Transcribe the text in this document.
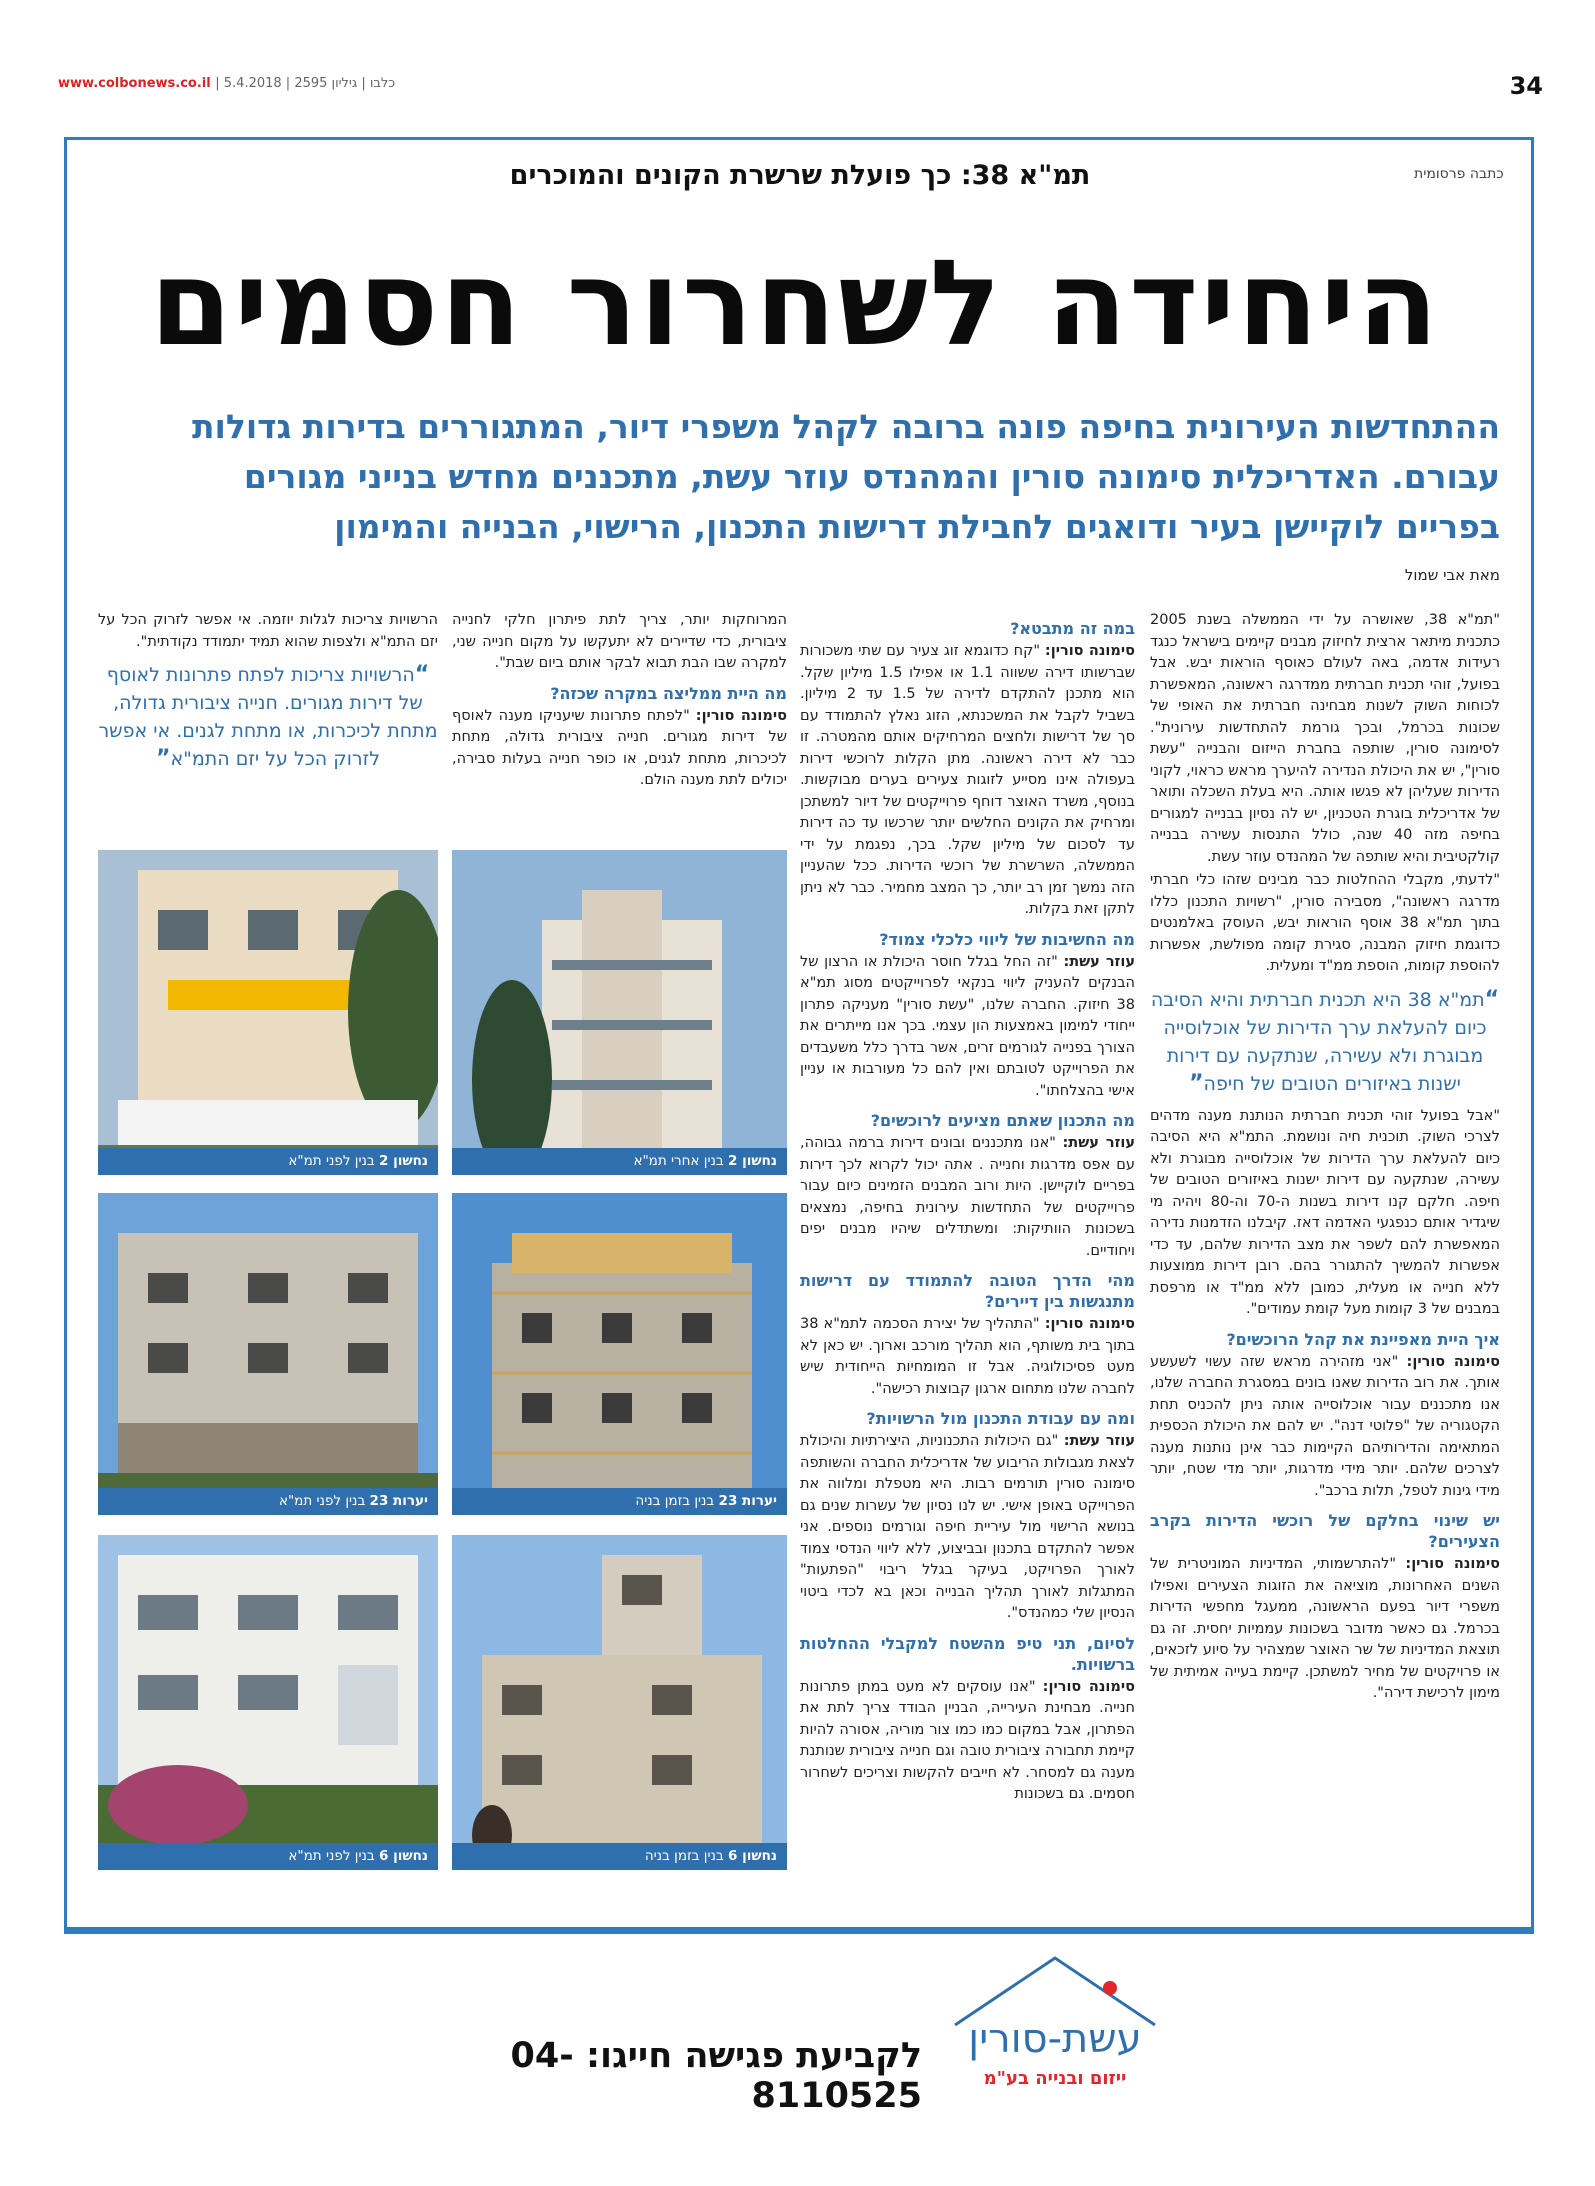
www.colbonews.co.il | כלבו | גיליון 2595 | 5.4.2018	34
כתבה פרסומית
תמ"א 38: כך פועלת שרשרת הקונים והמוכרים
היחידה לשחרור חסמים
ההתחדשות העירונית בחיפה פונה ברובה לקהל משפרי דיור, המתגוררים בדירות גדולות עבורם. האדריכלית סימונה סורין והמהנדס עוזר עשת, מתכננים מחדש בנייני מגורים בפריים לוקיישן בעיר ודואגים לחבילת דרישות התכנון, הרישוי, הבנייה והמימון
מאת אבי שמול

"תמ"א 38, שאושרה על ידי הממשלה בשנת 2005 כתכנית מיתאר ארצית לחיזוק מבנים קיימים בישראל כנגד רעידות אדמה, באה לעולם כאוסף הוראות יבש. אבל בפועל, זוהי תכנית חברתית ממדרגה ראשונה, המאפשרת לכוחות השוק לשנות מבחינה חברתית את האופי של שכונות בכרמל, ובכך גורמת להתחדשות עירונית". לסימונה סורין, שותפה בחברת הייזום והבנייה "עשת סורין", יש את היכולת הנדירה להיערך מראש כראוי, לקוני הדירות שעליהן לא פגשו אותה. היא בעלת השכלה ותואר של אדריכלית בוגרת הטכניון, יש לה נסיון בבנייה למגורים בחיפה מזה 40 שנה, כולל התנסות עשירה בבנייה קולקטיבית והיא שותפה של המהנדס עוזר עשת.

"לדעתי, מקבלי ההחלטות כבר מבינים שזהו כלי חברתי מדרגה ראשונה", מסבירה סורין, "רשויות התכנון כללו בתוך תמ"א 38 אוסף הוראות יבש, העוסק באלמנטים כדוגמת חיזוק המבנה, סגירת קומה מפולשת, אפשרות להוספת קומות, הוספת ממ"ד ומעלית.

“תמ"א 38 היא תכנית חברתית והיא הסיבה כיום להעלאת ערך הדירות של אוכלוסייה מבוגרת ולא עשירה, שנתקעה עם דירות ישנות באיזורים הטובים של חיפה”

"אבל בפועל זוהי תכנית חברתית הנותנת מענה מדהים לצרכי השוק. תוכנית חיה ונושמת. התמ"א היא הסיבה כיום להעלאת ערך הדירות של אוכלוסייה מבוגרת ולא עשירה, שנתקעה עם דירות ישנות באיזורים הטובים של חיפה. חלקם קנו דירות בשנות ה-70 וה-80 ויהיה מי שיגדיר אותם כנפגעי האדמה דאז. קיבלנו הזדמנות נדירה המאפשרת להם לשפר את מצב הדירות שלהם, עד כדי אפשרות להמשיך להתגורר בהם. רובן דירות ממוצעות ללא חנייה או מעלית, כמובן ללא ממ"ד או מרפסת במבנים של 3 קומות מעל קומת עמודים".

איך היית מאפיינת את קהל הרוכשים?

סימונה סורין: "אני מזהירה מראש שזה עשוי לשעשע אותך. את רוב הדירות שאנו בונים במסגרת החברה שלנו, אנו מתכננים עבור אוכלוסייה אותה ניתן להכניס תחת הקטגוריה של "פלוטי דנה". יש להם את היכולת הכספית המתאימה והדירותיהם הקיימות כבר אינן נותנות מענה לצרכים שלהם. יותר מידי מדרגות, יותר מדי שטח, יותר מידי גינות לטפל, תלות ברכב".

יש שינוי בחלקם של רוכשי הדירות בקרב הצעירים?

סימונה סורין: "להתרשמותי, המדיניות המוניטרית של השנים האחרונות, מוציאה את הזוגות הצעירים ואפילו משפרי דיור בפעם הראשונה, ממעגל מחפשי הדירות בכרמל. גם כאשר מדובר בשכונות עממיות יחסית. זה גם תוצאת המדיניות של שר האוצר שמצהיר על סיוע לזכאים, או פרויקטים של מחיר למשתכן. קיימת בעייה אמיתית של מימון לרכישת דירה".

במה זה מתבטא?

סימונה סורין: "קח כדוגמא זוג צעיר עם שתי משכורות שברשותו דירה ששווה 1.1 או אפילו 1.5 מיליון שקל. הוא מתכנן להתקדם לדירה של 1.5 עד 2 מיליון. בשביל לקבל את המשכנתא, הזוג נאלץ להתמודד עם סך של דרישות ולחצים המרחיקים אותם מהמטרה. זו כבר לא דירה ראשונה. מתן הקלות לרוכשי דירות בעפולה אינו מסייע לזוגות צעירים בערים מבוקשות. בנוסף, משרד האוצר דוחף פרוייקטים של דיור למשתכן ומרחיק את הקונים החלשים יותר שרכשו עד כה דירות עד לסכום של מיליון שקל. בכך, נפגמת על ידי הממשלה, השרשרת של רוכשי הדירות. ככל שהעניין הזה נמשך זמן רב יותר, כך המצב מחמיר. כבר לא ניתן לתקן זאת בקלות.

מה החשיבות של ליווי כלכלי צמוד?

עוזר עשת: "זה החל בגלל חוסר היכולת או הרצון של הבנקים להעניק ליווי בנקאי לפרוייקטים מסוג תמ"א 38 חיזוק. החברה שלנו, "עשת סורין" מעניקה פתרון ייחודי למימון באמצעות הון עצמי. בכך אנו מייתרים את הצורך בפנייה לגורמים זרים, אשר בדרך כלל משעבדים את הפרוייקט לטובתם ואין להם כל מעורבות או עניין אישי בהצלחתו".

מה התכנון שאתם מציעים לרוכשים?

עוזר עשת: "אנו מתכננים ובונים דירות ברמה גבוהה, עם אפס מדרגות וחנייה . אתה יכול לקרוא לכך דירות בפריים לוקיישן. היות ורוב המבנים הזמינים כיום עבור פרוייקטים של התחדשות עירונית בחיפה, נמצאים בשכונות הוותיקות: ומשתדלים שיהיו מבנים יפים ויחודיים.

מהי הדרך הטובה להתמודד עם דרישות מתנגשות בין דיירים?

סימונה סורין: "התהליך של יצירת הסכמה לתמ"א 38 בתוך בית משותף, הוא תהליך מורכב וארוך. יש כאן לא מעט פסיכולוגיה. אבל זו המומחיות הייחודית שיש לחברה שלנו מתחום ארגון קבוצות רכישה".

ומה עם עבודת התכנון מול הרשויות?

עוזר עשת: "גם היכולות התכנוניות, היצירתיות והיכולת לצאת מגבולות הריבוע של אדריכלית החברה והשותפה סימונה סורין תורמים רבות. היא מטפלת ומלווה את הפרוייקט באופן אישי. יש לנו נסיון של עשרות שנים גם בנושא הרישוי מול עיריית חיפה וגורמים נוספים. אני אפשר להתקדם בתכנון ובביצוע, ללא ליווי הנדסי צמוד לאורך הפרויקט, בעיקר בגלל ריבוי "הפתעות" המתגלות לאורך תהליך הבנייה וכאן בא לכדי ביטוי הנסיון שלי כמהנדס".

לסיום, תני טיפ מהשטח למקבלי ההחלטות ברשויות.

סימונה סורין: "אנו עוסקים לא מעט במתן פתרונות חנייה. מבחינת העירייה, הבניין הבודד צריך לתת את הפתרון, אבל במקום כמו כמו צור מוריה, אסורה להיות קיימת תחבורה ציבורית טובה וגם חנייה ציבורית שנותנת מענה גם למסחר. לא חייבים להקשות וצריכים לשחרור חסמים. גם בשכונות

המרוחקות יותר, צריך לתת פיתרון חלקי לחנייה ציבורית, כדי שדיירים לא יתעקשו על מקום חנייה שני, למקרה שבו הבת תבוא לבקר אותם ביום שבת".

מה היית ממליצה במקרה שכזה?

סימונה סורין: "לפתח פתרונות שיעניקו מענה לאוסף של דירות מגורים. חנייה ציבורית גדולה, מתחת לכיכרות, מתחת לגנים, או כופר חנייה בעלות סבירה, יכולים לתת מענה הולם.

הרשויות צריכות לגלות יוזמה. אי אפשר לזרוק הכל על יזם התמ"א ולצפות שהוא תמיד יתמודד נקודתית".

“הרשויות צריכות לפתח פתרונות לאוסף של דירות מגורים. חנייה ציבורית גדולה, מתחת לכיכרות, או מתחת לגנים. אי אפשר לזרוק הכל על יזם התמ"א”
נחשון 2 בנין אחרי תמ"א
נחשון 2 בנין לפני תמ"א
יערות 23 בנין בזמן בניה
יערות 23 בנין לפני תמ"א
נחשון 6 בנין בזמן בניה
נחשון 6 בנין לפני תמ"א
עשת-סורין
ייזום ובנייה בע"מ
לקביעת פגישה חייגו: 04-8110525
